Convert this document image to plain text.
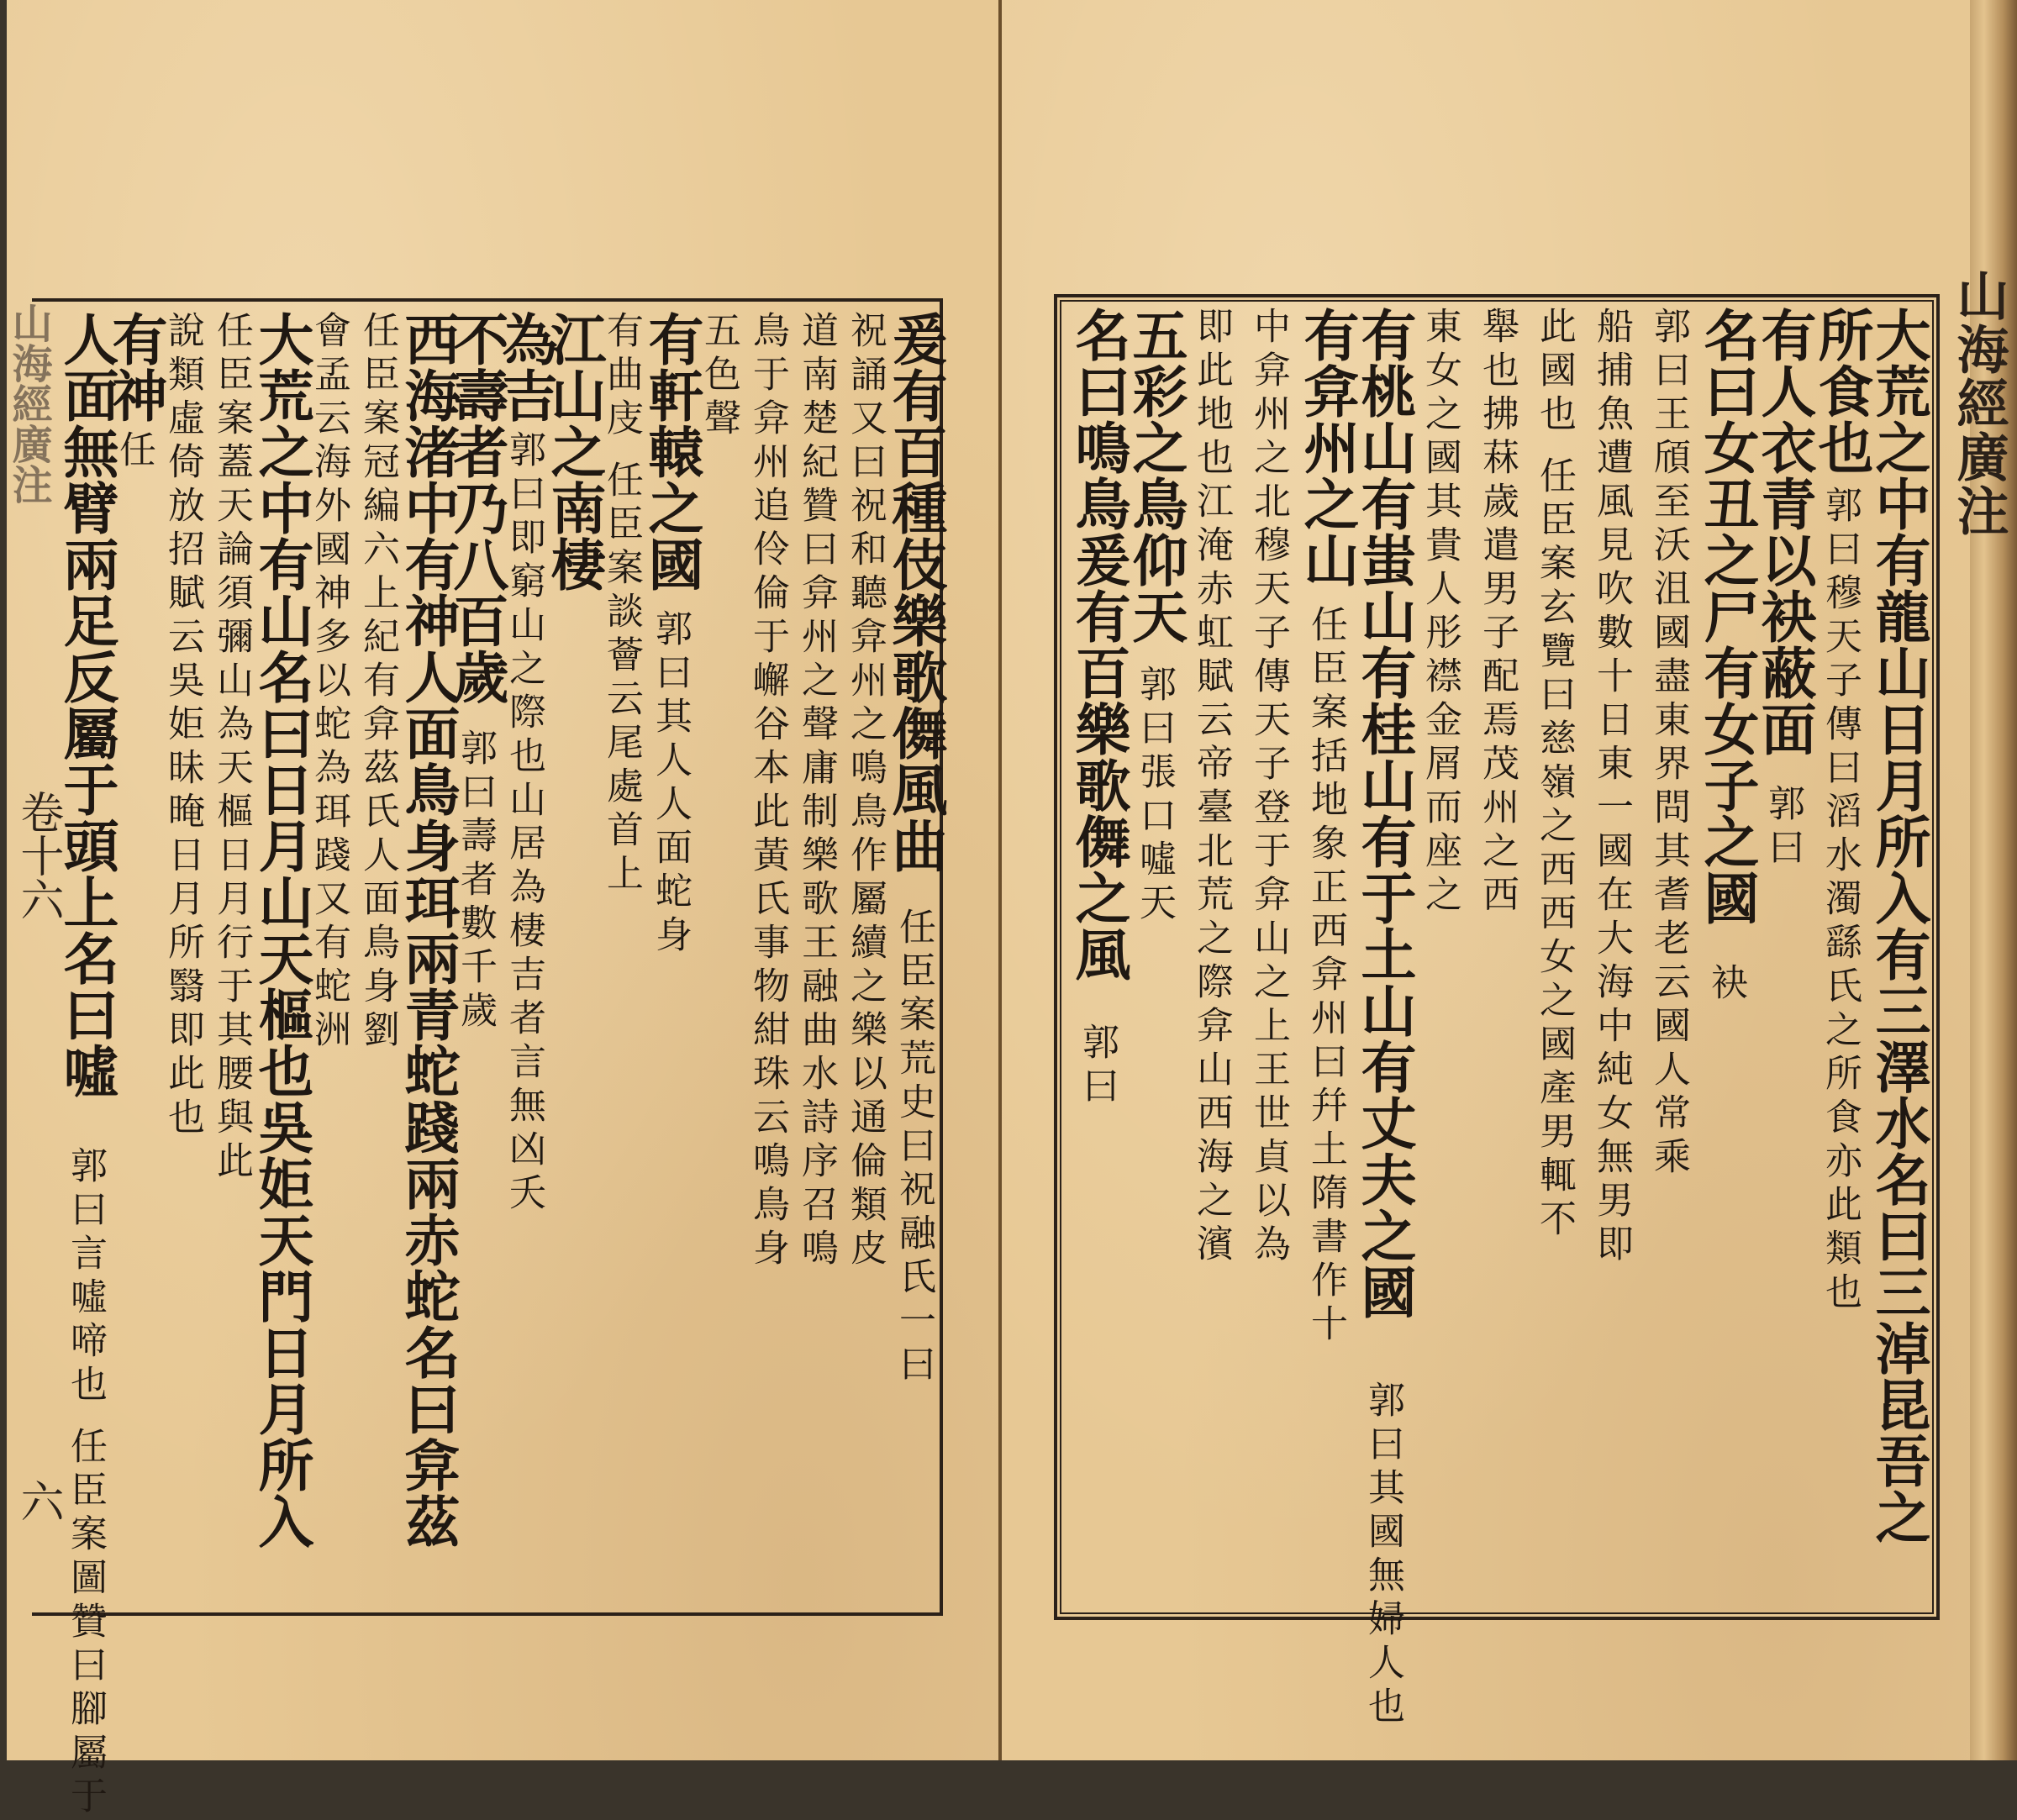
山海經廣注
山海經廣注
卷十六
六	大荒之中有龍山日月所入有三澤水名曰三淖昆吾之
所食也
郭曰穆天子傳曰滔水濁繇氏之所食亦此類也
有人衣青以袂蔽面
郭曰
名曰女丑之尸有女子之國
袂
郭曰王頎至沃沮國盡東界問其耆老云國人常乘
船捕魚遭風見吹數十日東一國在大海中純女無男即
此國也 任臣案玄覽曰慈嶺之西西女之國產男輒不
舉也拂菻歲遣男子配焉茂州之西
東女之國其貴人彤襟金屑而座之
有桃山有蚩山有桂山有于土山有丈夫之國
郭曰其國無婦人也
有弇州之山
任臣案括地象正西弇州曰幷土隋書作十
中弇州之北穆天子傳天子登于弇山之上王世貞以為
即此地也江淹赤虹賦云帝臺北荒之際弇山西海之濱
五彩之鳥仰天
郭曰張口噓天
名曰鳴鳥爰有百樂歌儛之風
郭曰
爰有百種伎樂歌儛風曲
任臣案荒史曰祝融氏一曰
祝誦又曰祝和聽弇州之鳴鳥作屬續之樂以通倫類皮
道南楚紀贊曰弇州之聲庸制樂歌王融曲水詩序召鳴
鳥于弇州追伶倫于嶰谷本此黃氏事物紺珠云鳴鳥身
五色聲
有軒轅之國
郭曰其人人面蛇身
有曲庋 任臣案談薈云尾處首上
江山之南棲
為吉
郭曰即窮山之際也山居為棲吉者言無凶夭
不壽者乃八百歲
郭曰壽者數千歲
西海渚中有神人面鳥身珥兩青蛇踐兩赤蛇名曰弇茲
任臣案冠編六上紀有弇茲氏人面鳥身劉
會孟云海外國神多以蛇為珥踐又有蛇洲
大荒之中有山名曰日月山天樞也吳姖天門日月所入
任臣案蓋天論須彌山為天樞日月行于其腰與此
說類虛倚放招賦云吳姖昧晻日月所翳即此也
有神
任
人面無臂兩足反屬于頭上名曰噓
郭曰言噓啼也 任臣案圖贊曰腳屬于
